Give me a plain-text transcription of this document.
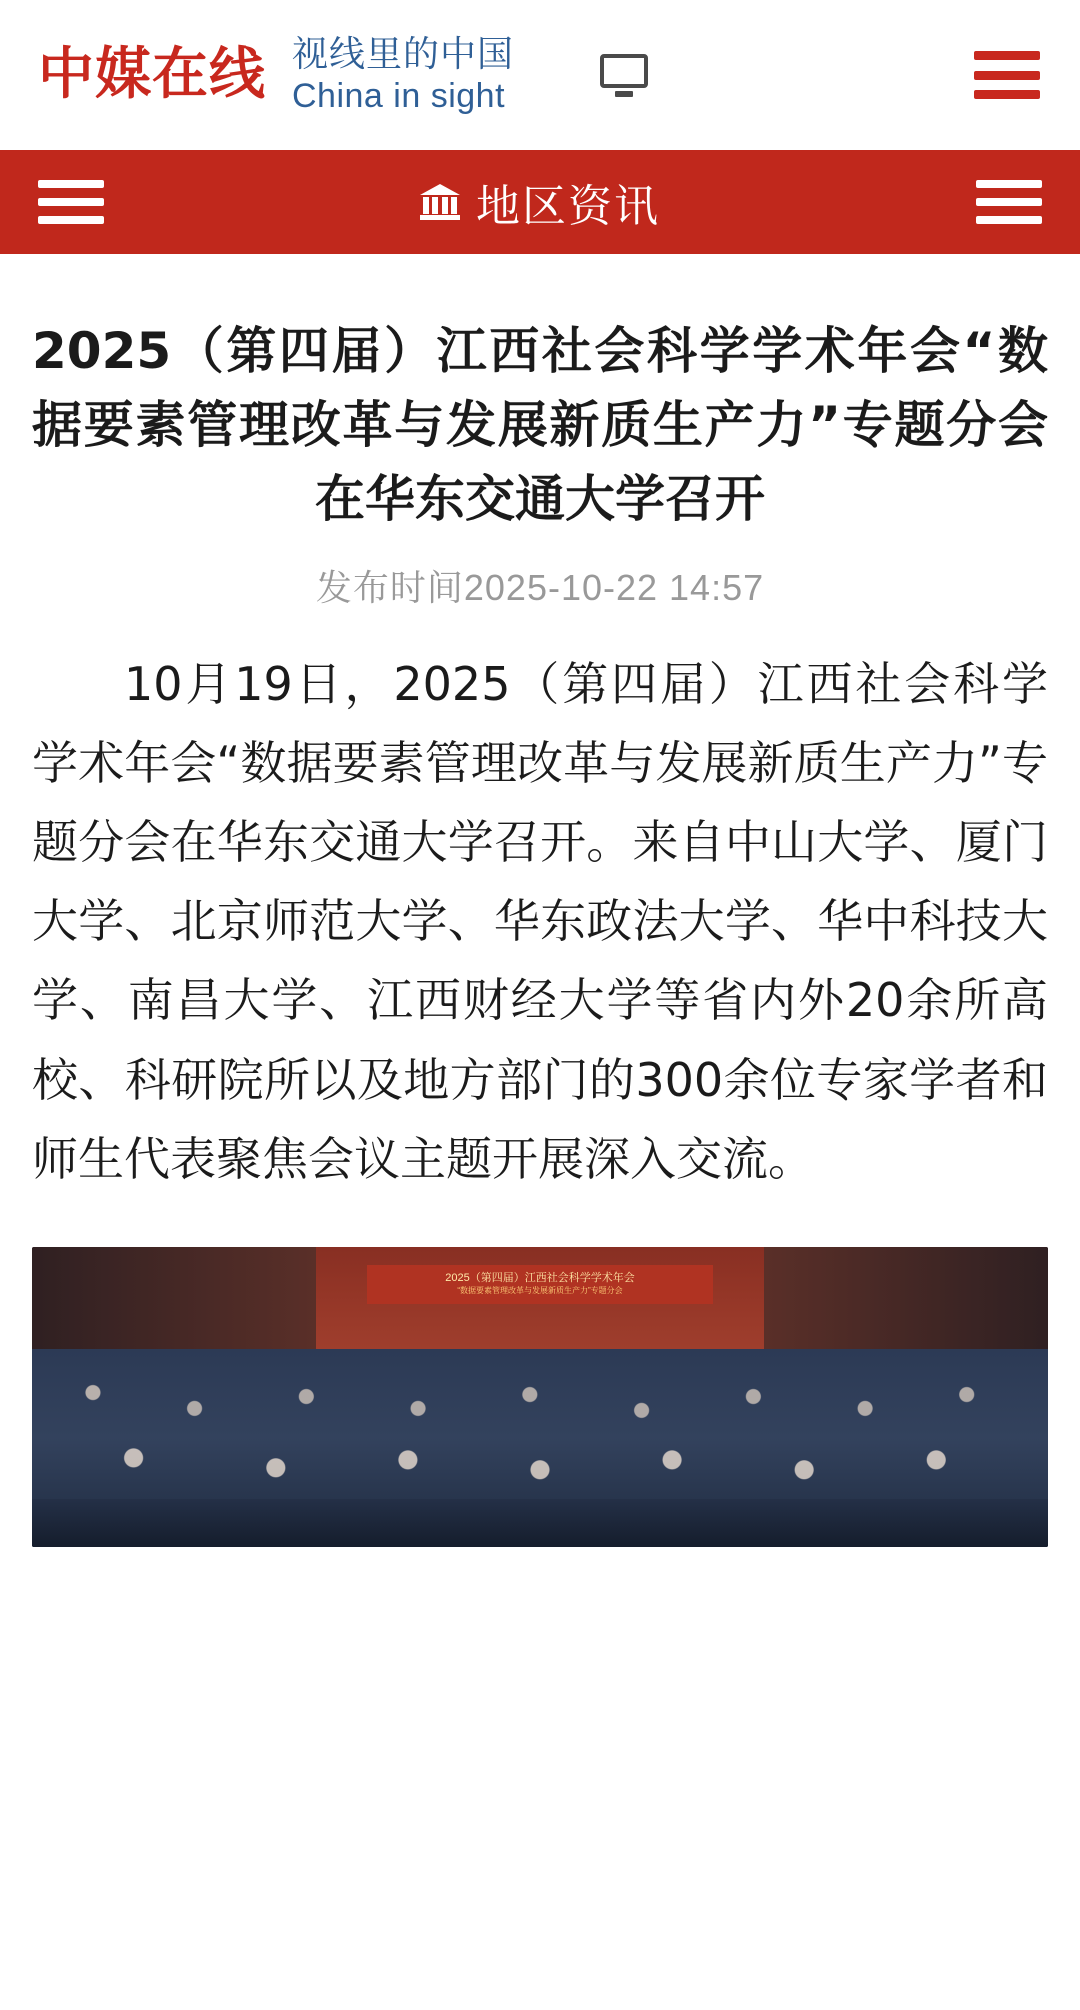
中媒在线 视线里的中国
China in sight
地区资讯
2025（第四届）江西社会科学学术年会“数据要素管理改革与发展新质生产力”专题分会在华东交通大学召开
发布时间2025-10-22 14:57

10月19日，2025（第四届）江西社会科学学术年会“数据要素管理改革与发展新质生产力”专题分会在华东交通大学召开。来自中山大学、厦门大学、北京师范大学、华东政法大学、华中科技大学、南昌大学、江西财经大学等省内外20余所高校、科研院所以及地方部门的300余位专家学者和师生代表聚焦会议主题开展深入交流。

2025（第四届）江西社会科学学术年会
“数据要素管理改革与发展新质生产力”专题分会
